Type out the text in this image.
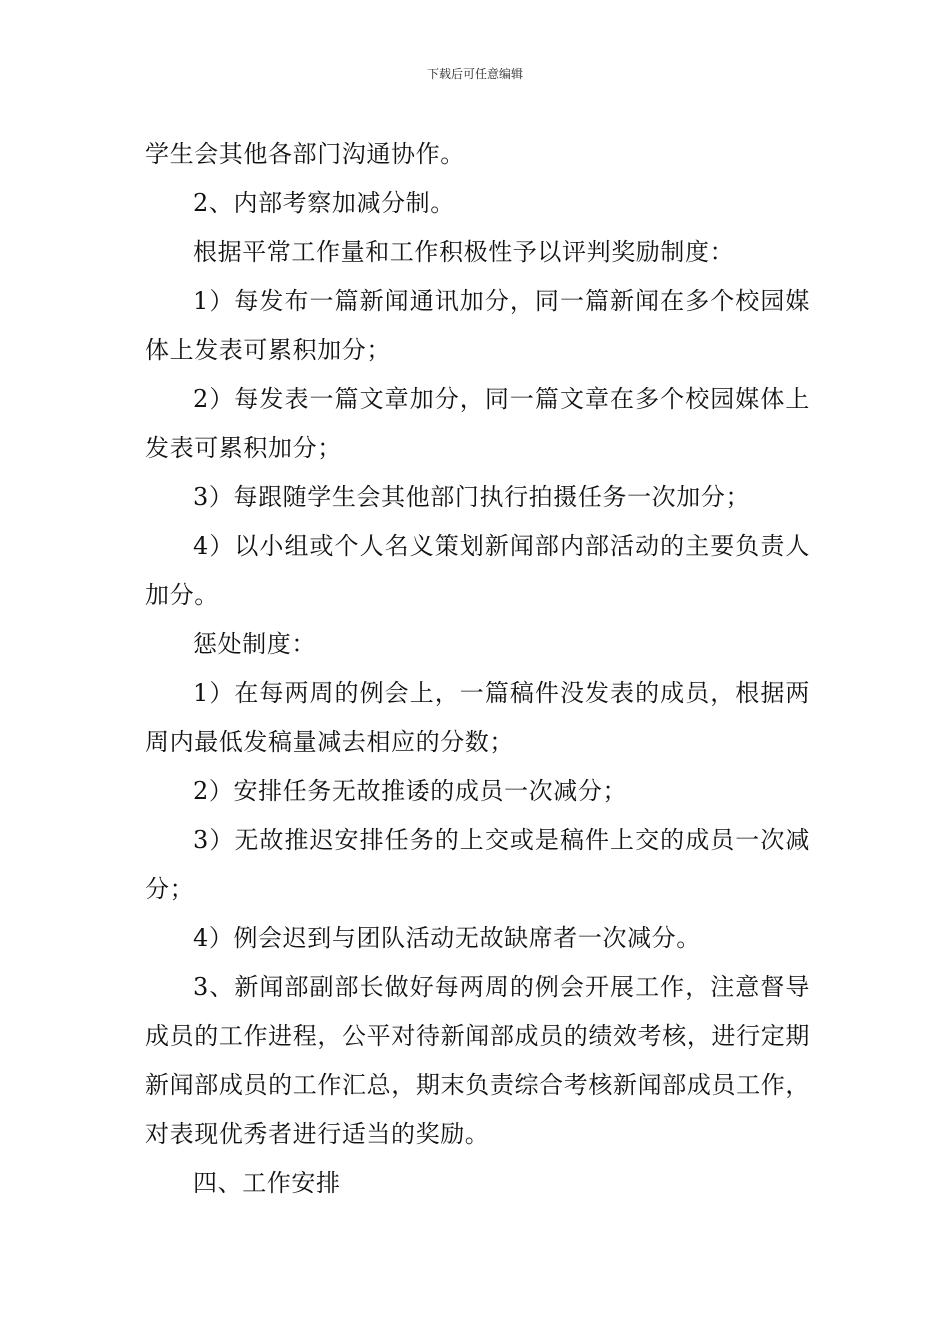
下载后可任意编辑

学生会其他各部门沟通协作。

2、内部考察加减分制。

根据平常工作量和工作积极性予以评判奖励制度：

1）每发布一篇新闻通讯加分，同一篇新闻在多个校园媒体上发表可累积加分；

2）每发表一篇文章加分，同一篇文章在多个校园媒体上发表可累积加分；

3）每跟随学生会其他部门执行拍摄任务一次加分；

4）以小组或个人名义策划新闻部内部活动的主要负责人加分。

惩处制度：

1）在每两周的例会上，一篇稿件没发表的成员，根据两周内最低发稿量减去相应的分数；

2）安排任务无故推诿的成员一次减分；

3）无故推迟安排任务的上交或是稿件上交的成员一次减分；

4）例会迟到与团队活动无故缺席者一次减分。

3、新闻部副部长做好每两周的例会开展工作，注意督导成员的工作进程，公平对待新闻部成员的绩效考核，进行定期新闻部成员的工作汇总，期末负责综合考核新闻部成员工作，对表现优秀者进行适当的奖励。

四、工作安排
